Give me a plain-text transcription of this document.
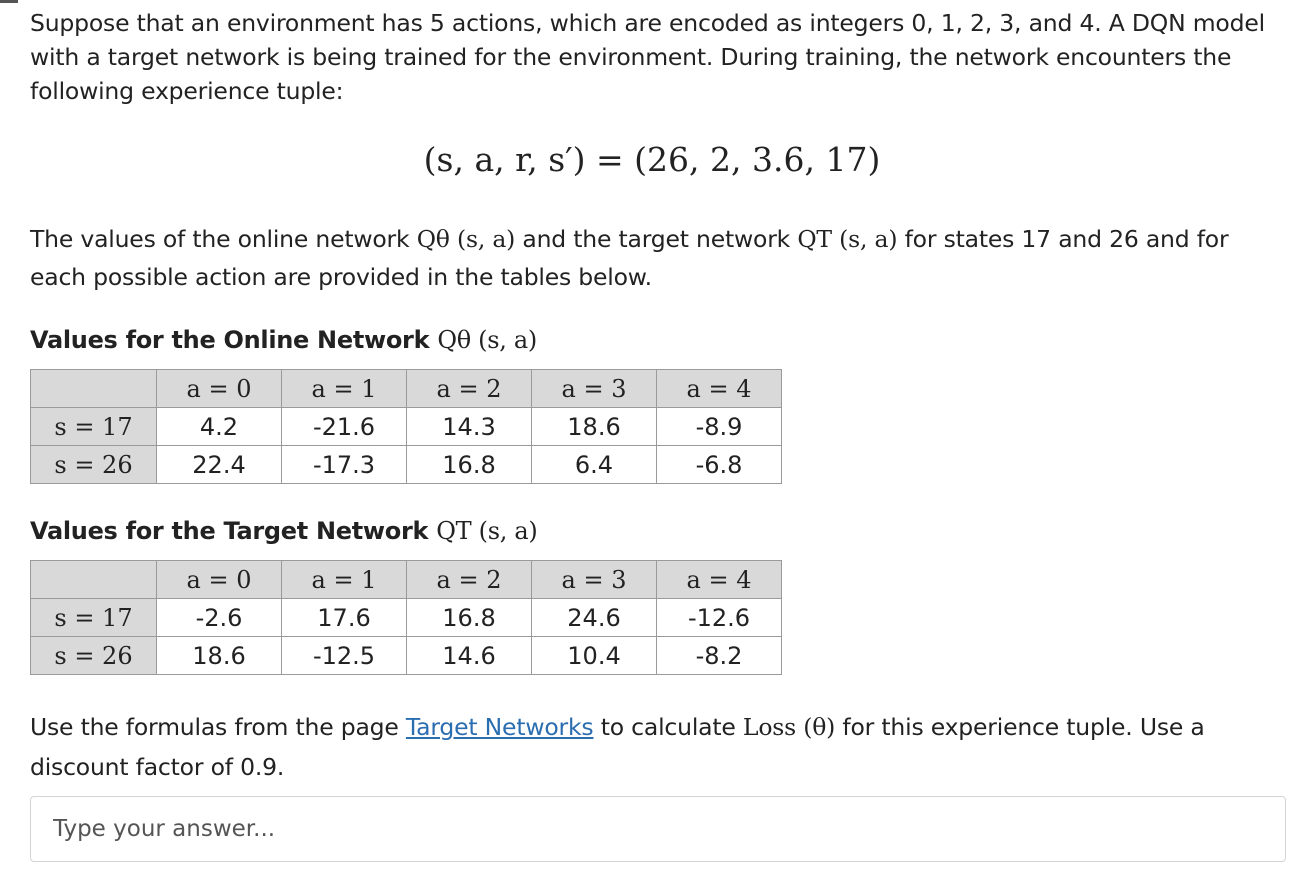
Suppose that an environment has 5 actions, which are encoded as integers 0, 1, 2, 3, and 4. A DQN model with a target network is being trained for the environment. During training, the network encounters the following experience tuple:
(s, a, r, s′) = (26, 2, 3.6, 17)
The values of the online network Qθ (s, a) and the target network QT (s, a) for states 17 and 26 and for each possible action are provided in the tables below.
Values for the Online Network Qθ (s, a)
	a = 0	a = 1	a = 2	a = 3	a = 4
s = 17	4.2	-21.6	14.3	18.6	-8.9
s = 26	22.4	-17.3	16.8	6.4	-6.8
Values for the Target Network QT (s, a)
	a = 0	a = 1	a = 2	a = 3	a = 4
s = 17	-2.6	17.6	16.8	24.6	-12.6
s = 26	18.6	-12.5	14.6	10.4	-8.2
Use the formulas from the page Target Networks to calculate Loss (θ) for this experience tuple. Use a discount factor of 0.9.
Type your answer...
